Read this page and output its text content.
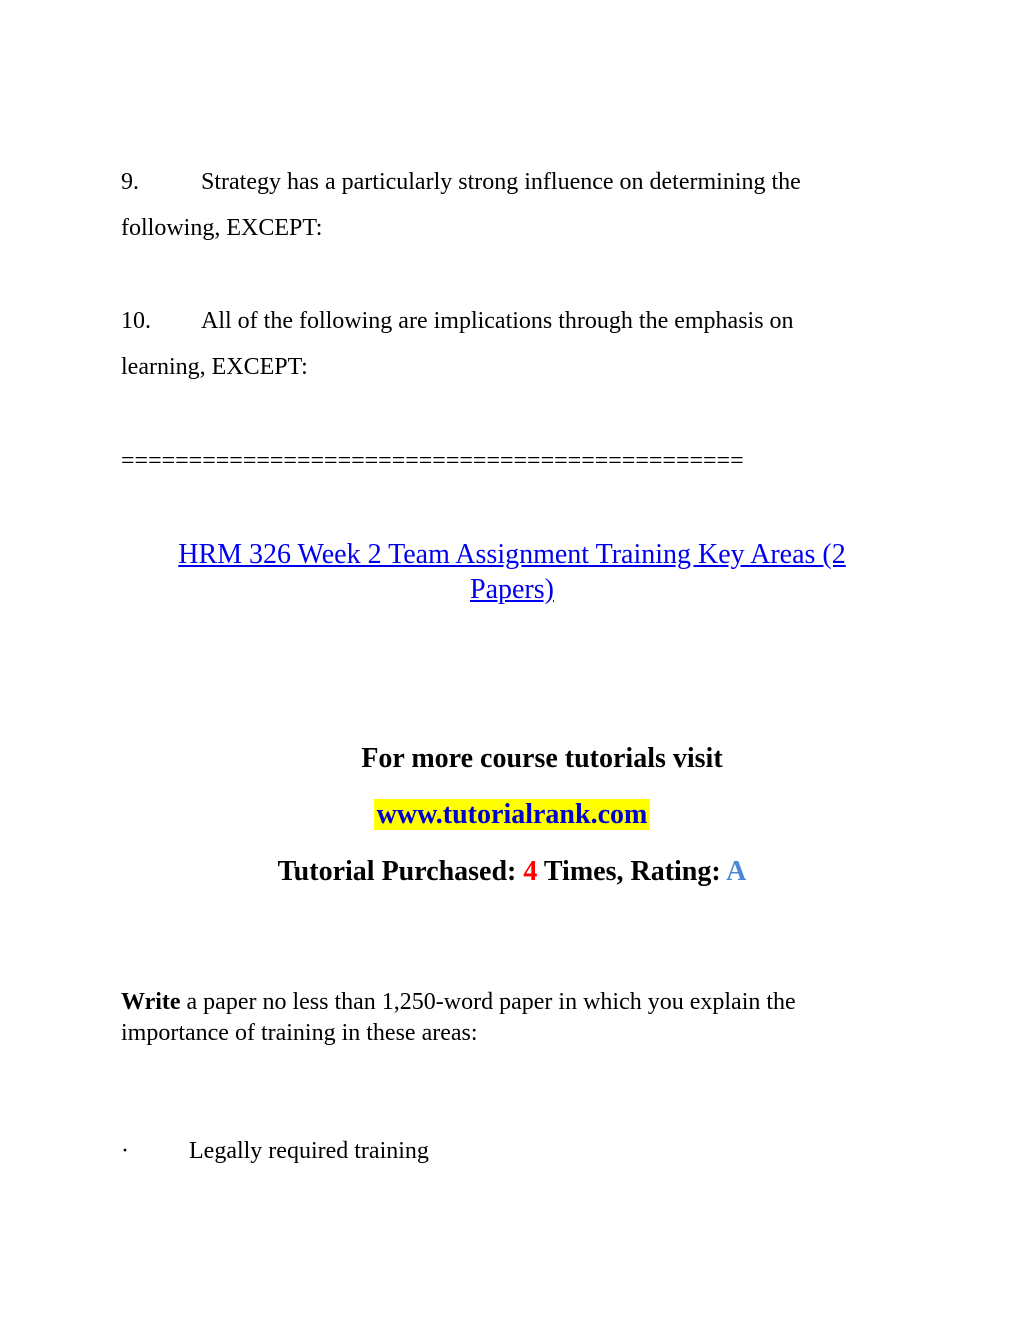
9.	Strategy has a particularly strong influence on determining the
following, EXCEPT:
10. All of the following are implications through the emphasis on
learning, EXCEPT:
==============================================
HRM 326 Week 2 Team Assignment Training Key Areas (2 Papers)
For more course tutorials visit
www.tutorialrank.com
Tutorial Purchased: 4 Times, Rating: A
Write a paper no less than 1,250-word paper in which you explain the importance of training in these areas:
·	Legally required training
